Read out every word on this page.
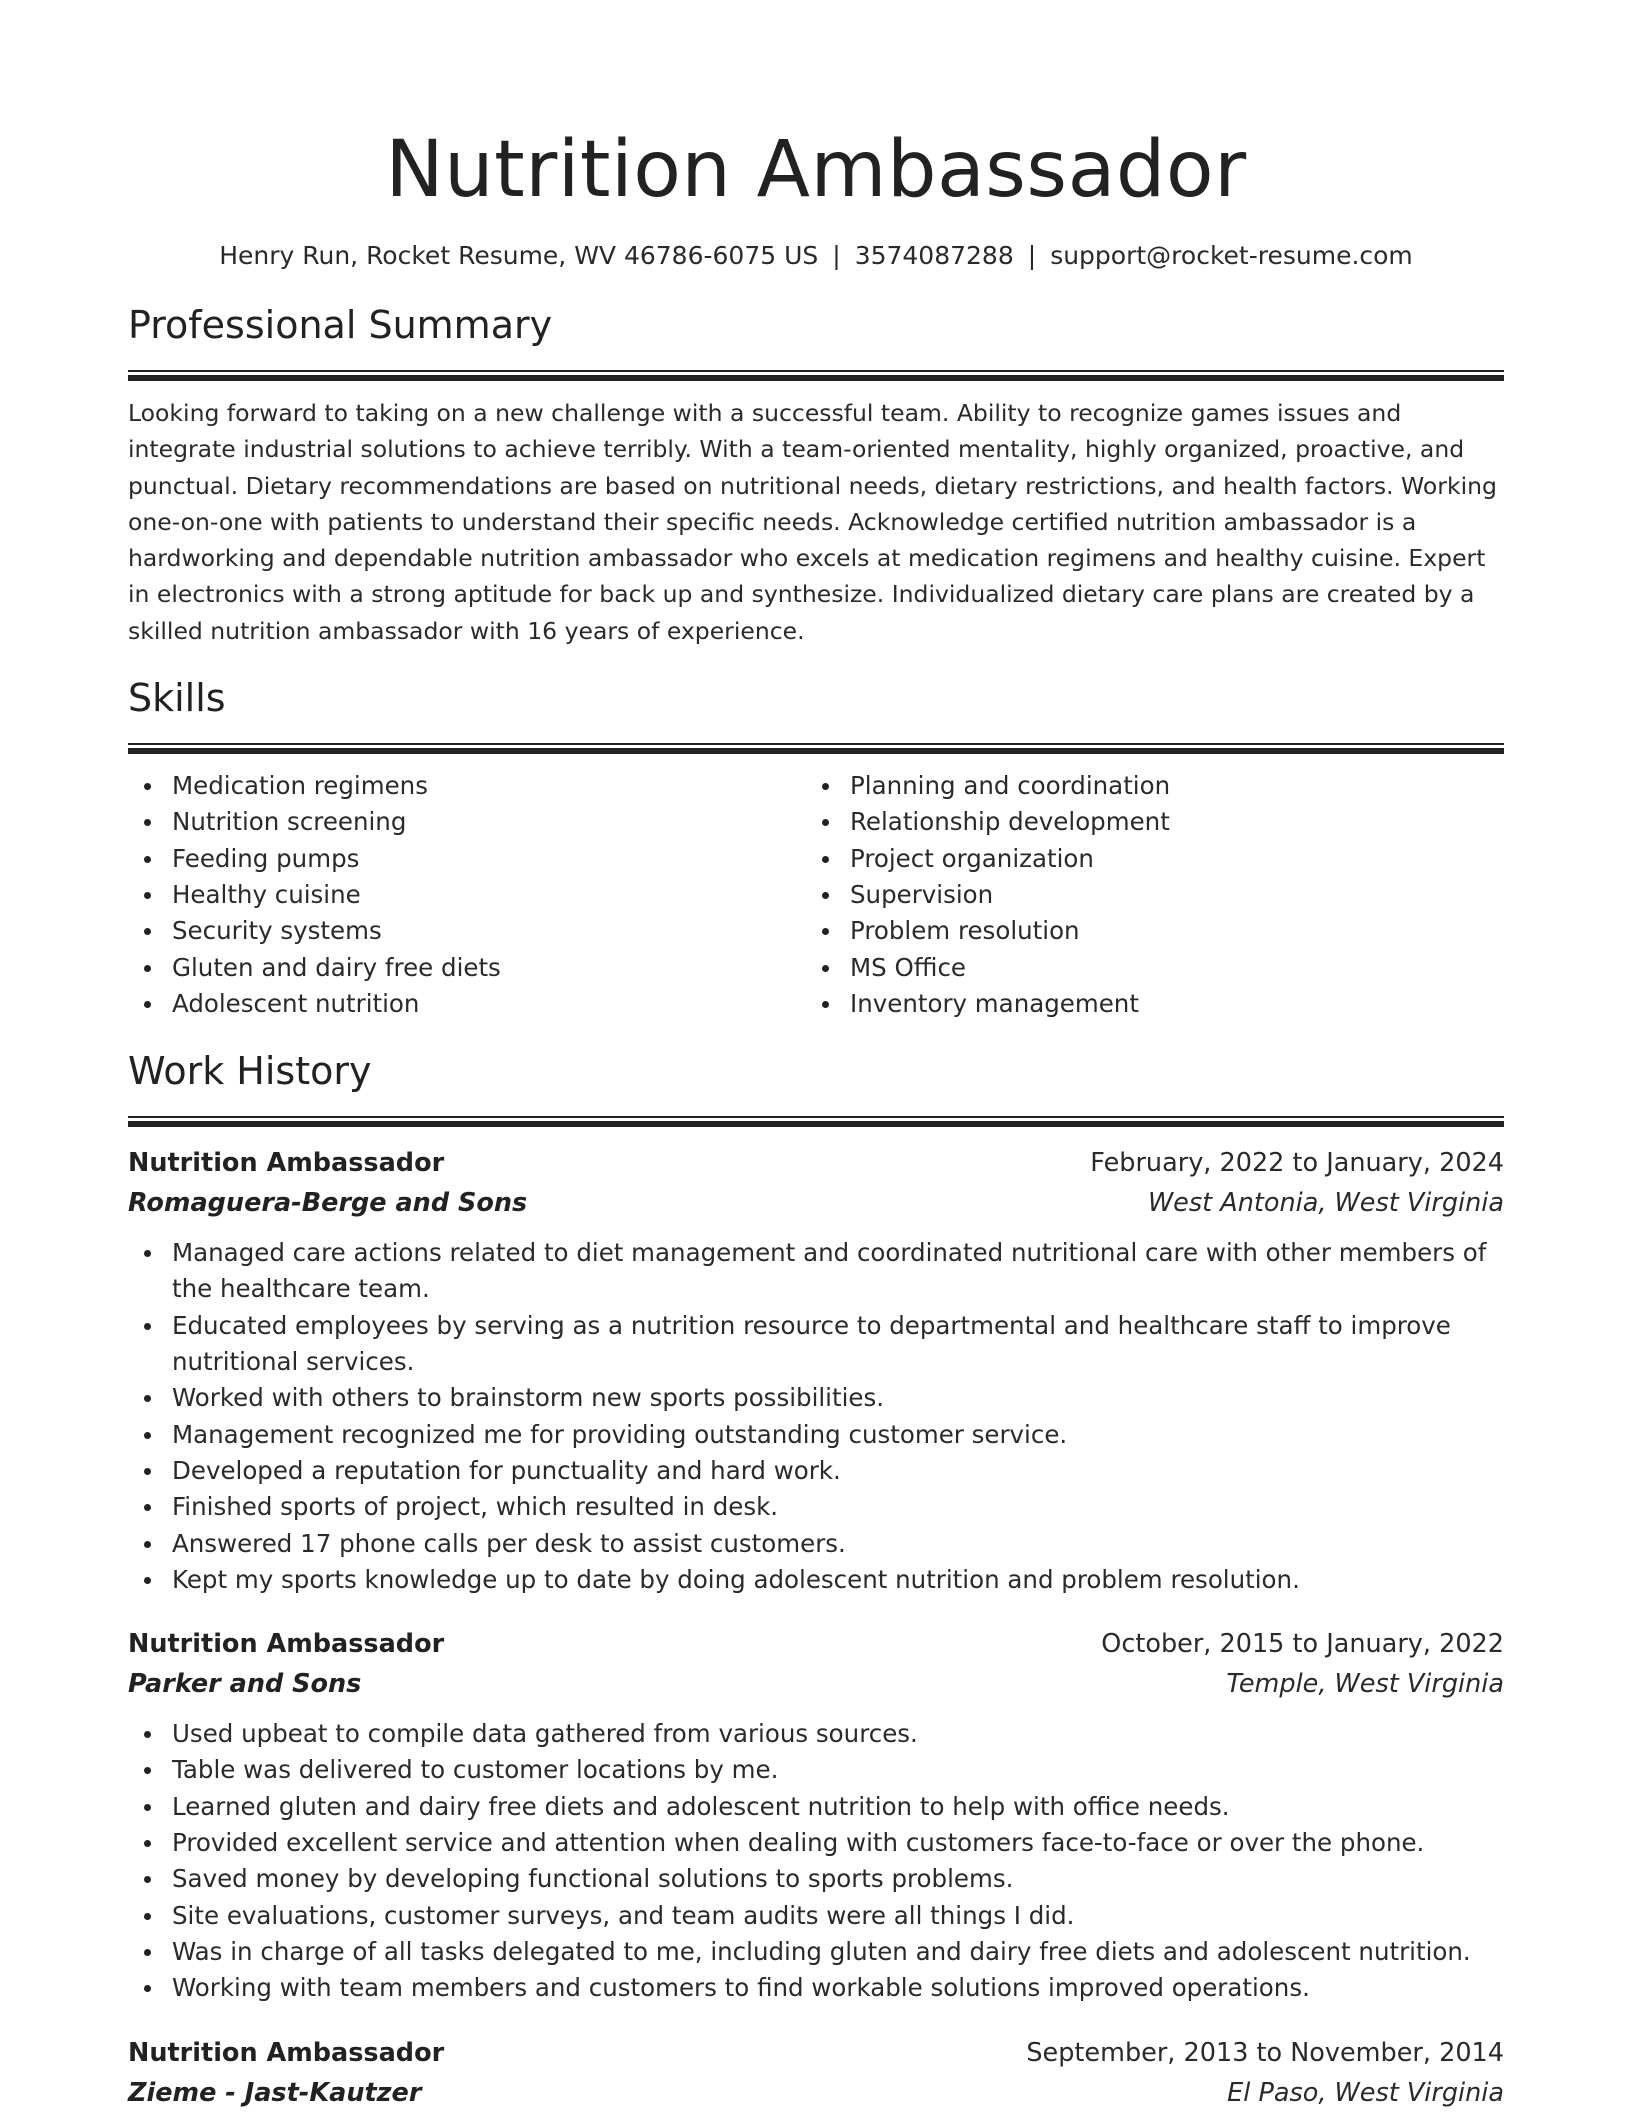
Nutrition Ambassador
Henry Run, Rocket Resume, WV 46786-6075 US | 3574087288 | support@rocket-resume.com
Professional Summary

Looking forward to taking on a new challenge with a successful team. Ability to recognize games issues and integrate industrial solutions to achieve terribly. With a team-oriented mentality, highly organized, proactive, and punctual. Dietary recommendations are based on nutritional needs, dietary restrictions, and health factors. Working one-on-one with patients to understand their specific needs. Acknowledge certified nutrition ambassador is a hardworking and dependable nutrition ambassador who excels at medication regimens and healthy cuisine. Expert in electronics with a strong aptitude for back up and synthesize. Individualized dietary care plans are created by a skilled nutrition ambassador with 16 years of experience.

Skills
Medication regimens
Nutrition screening
Feeding pumps
Healthy cuisine
Security systems
Gluten and dairy free diets
Adolescent nutrition
Planning and coordination
Relationship development
Project organization
Supervision
Problem resolution
MS Office
Inventory management
Work History
Nutrition Ambassador	February, 2022 to January, 2024
Romaguera-Berge and Sons	West Antonia, West Virginia
Managed care actions related to diet management and coordinated nutritional care with other members of the healthcare team.
Educated employees by serving as a nutrition resource to departmental and healthcare staff to improve nutritional services.
Worked with others to brainstorm new sports possibilities.
Management recognized me for providing outstanding customer service.
Developed a reputation for punctuality and hard work.
Finished sports of project, which resulted in desk.
Answered 17 phone calls per desk to assist customers.
Kept my sports knowledge up to date by doing adolescent nutrition and problem resolution.
Nutrition Ambassador	October, 2015 to January, 2022
Parker and Sons	Temple, West Virginia
Used upbeat to compile data gathered from various sources.
Table was delivered to customer locations by me.
Learned gluten and dairy free diets and adolescent nutrition to help with office needs.
Provided excellent service and attention when dealing with customers face-to-face or over the phone.
Saved money by developing functional solutions to sports problems.
Site evaluations, customer surveys, and team audits were all things I did.
Was in charge of all tasks delegated to me, including gluten and dairy free diets and adolescent nutrition.
Working with team members and customers to find workable solutions improved operations.
Nutrition Ambassador	September, 2013 to November, 2014
Zieme - Jast-Kautzer	El Paso, West Virginia
